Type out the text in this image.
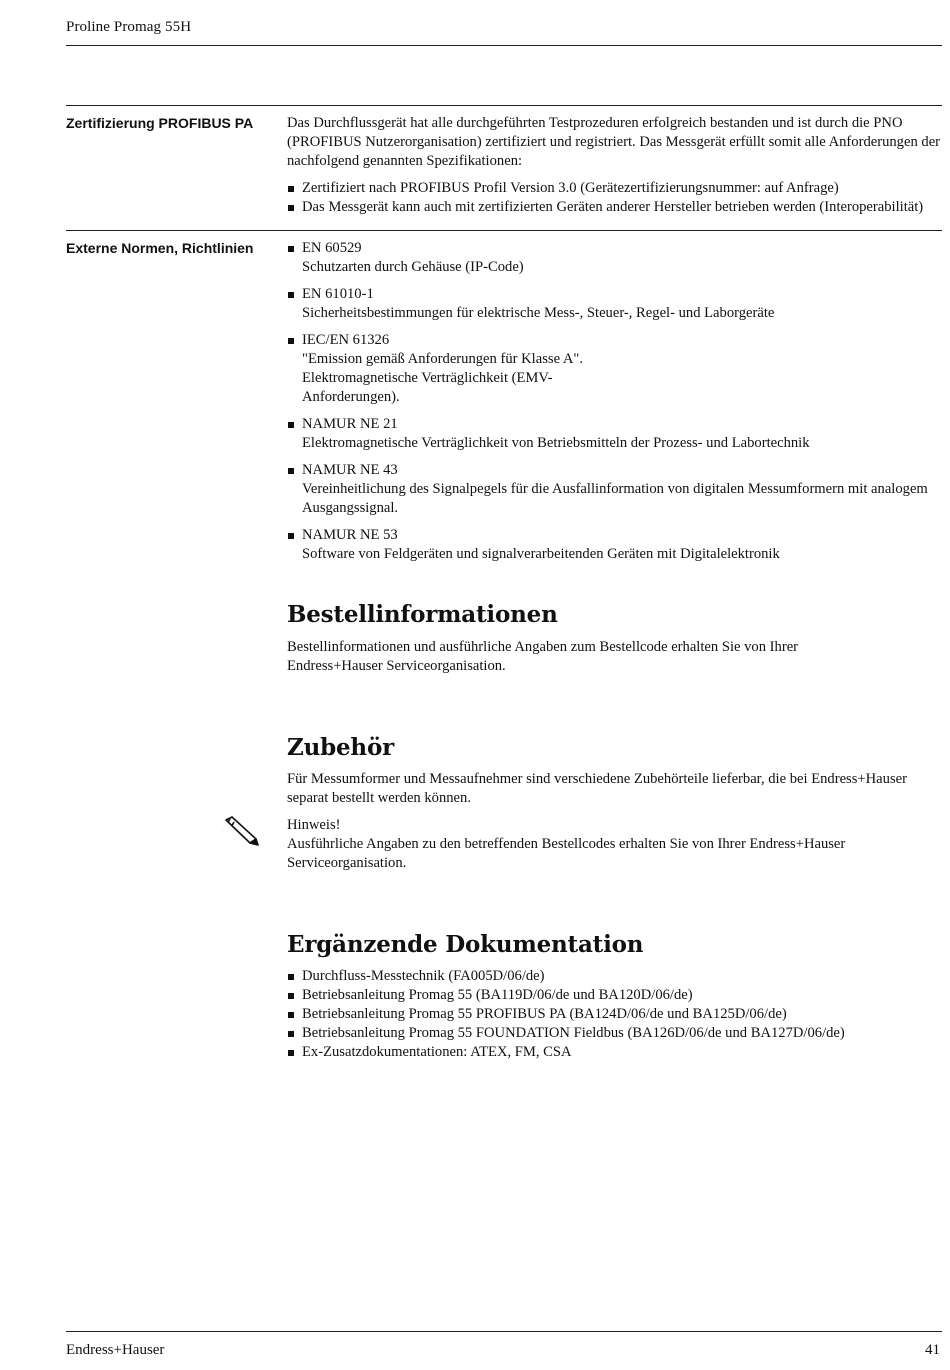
Proline Promag 55H
Zertifizierung PROFIBUS PA	Das Durchflussgerät hat alle durchgeführten Testprozeduren erfolgreich bestanden und ist durch die PNO (PROFIBUS Nutzerorganisation) zertifiziert und registriert. Das Messgerät erfüllt somit alle Anforderungen der nachfolgend genannten Spezifikationen:

Zertifiziert nach PROFIBUS Profil Version 3.0 (Gerätezertifizierungsnummer: auf Anfrage)
Das Messgerät kann auch mit zertifizierten Geräten anderer Hersteller betrieben werden (Interoperabilität)
Externe Normen, Richtlinien	EN 60529
Schutzarten durch Gehäuse (IP-Code)
EN 61010-1
Sicherheitsbestimmungen für elektrische Mess-, Steuer-, Regel- und Laborgeräte
IEC/EN 61326
"Emission gemäß Anforderungen für Klasse A". Elektromagnetische Verträglichkeit (EMV-Anforderungen).
NAMUR NE 21
Elektromagnetische Verträglichkeit von Betriebsmitteln der Prozess- und Labortechnik
NAMUR NE 43
Vereinheitlichung des Signalpegels für die Ausfallinformation von digitalen Messumformern mit analogem Ausgangssignal.
NAMUR NE 53
Software von Feldgeräten und signalverarbeitenden Geräten mit Digitalelektronik
Bestellinformationen

Bestellinformationen und ausführliche Angaben zum Bestellcode erhalten Sie von Ihrer Endress+Hauser Serviceorganisation.

Zubehör

Für Messumformer und Messaufnehmer sind verschiedene Zubehörteile lieferbar, die bei Endress+Hauser separat bestellt werden können.

Hinweis!

Ausführliche Angaben zu den betreffenden Bestellcodes erhalten Sie von Ihrer Endress+Hauser Serviceorganisation.

Ergänzende Dokumentation
Durchfluss-Messtechnik (FA005D/06/de)
Betriebsanleitung Promag 55 (BA119D/06/de und BA120D/06/de)
Betriebsanleitung Promag 55 PROFIBUS PA (BA124D/06/de und BA125D/06/de)
Betriebsanleitung Promag 55 FOUNDATION Fieldbus (BA126D/06/de und BA127D/06/de)
Ex-Zusatzdokumentationen: ATEX, FM, CSA
Endress+Hauser	41
